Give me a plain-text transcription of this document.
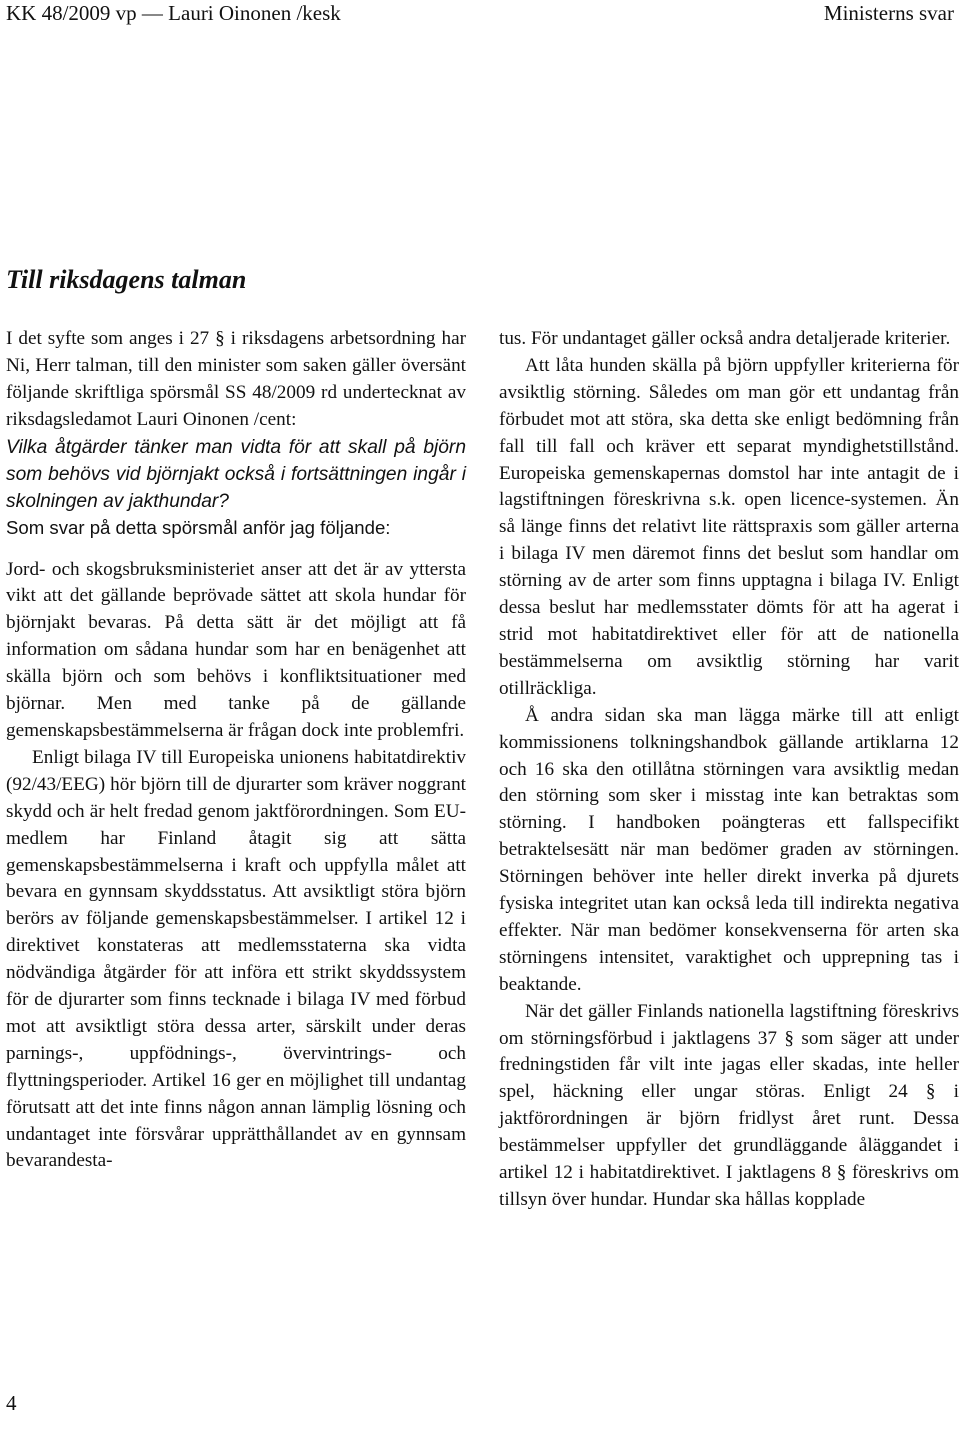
KK 48/2009 vp — Lauri Oinonen /kesk	Ministerns svar
Till riksdagens talman

I det syfte som anges i 27 § i riksdagens arbetsordning har Ni, Herr talman, till den minister som saken gäller översänt följande skriftliga spörsmål SS 48/2009 rd undertecknat av riksdagsledamot Lauri Oinonen /cent:

Vilka åtgärder tänker man vidta för att skall på björn som behövs vid björnjakt också i fortsättningen ingår i skolningen av jakthundar?

Som svar på detta spörsmål anför jag följande:

Jord- och skogsbruksministeriet anser att det är av yttersta vikt att det gällande beprövade sättet att skola hundar för björnjakt bevaras. På detta sätt är det möjligt att få information om sådana hundar som har en benägenhet att skälla björn och som behövs i konfliktsituationer med björnar. Men med tanke på de gällande gemenskapsbestämmelserna är frågan dock inte problemfri.

Enligt bilaga IV till Europeiska unionens habitatdirektiv (92/43/EEG) hör björn till de djurarter som kräver noggrant skydd och är helt fredad genom jaktförordningen. Som EU-medlem har Finland åtagit sig att sätta gemenskapsbestämmelserna i kraft och uppfylla målet att bevara en gynnsam skyddsstatus. Att avsiktligt störa björn berörs av följande gemenskapsbestämmelser. I artikel 12 i direktivet konstateras att medlemsstaterna ska vidta nödvändiga åtgärder för att införa ett strikt skyddssystem för de djurarter som finns tecknade i bilaga IV med förbud mot att avsiktligt störa dessa arter, särskilt under deras parnings-, uppfödnings-, övervintrings- och flyttningsperioder. Artikel 16 ger en möjlighet till undantag förutsatt att det inte finns någon annan lämplig lösning och undantaget inte försvårar upprätthållandet av en gynnsam bevarandesta-

tus. För undantaget gäller också andra detaljerade kriterier.

Att låta hunden skälla på björn uppfyller kriterierna för avsiktlig störning. Således om man gör ett undantag från förbudet mot att störa, ska detta ske enligt bedömning från fall till fall och kräver ett separat myndighetstillstånd. Europeiska gemenskapernas domstol har inte antagit de i lagstiftningen föreskrivna s.k. open licence-systemen. Än så länge finns det relativt lite rättspraxis som gäller arterna i bilaga IV men däremot finns det beslut som handlar om störning av de arter som finns upptagna i bilaga IV. Enligt dessa beslut har medlemsstater dömts för att ha agerat i strid mot habitatdirektivet eller för att de nationella bestämmelserna om avsiktlig störning har varit otillräckliga.

Å andra sidan ska man lägga märke till att enligt kommissionens tolkningshandbok gällande artiklarna 12 och 16 ska den otillåtna störningen vara avsiktlig medan den störning som sker i misstag inte kan betraktas som störning. I handboken poängteras ett fallspecifikt betraktelsesätt när man bedömer graden av störningen. Störningen behöver inte heller direkt inverka på djurets fysiska integritet utan kan också leda till indirekta negativa effekter. När man bedömer konsekvenserna för arten ska störningens intensitet, varaktighet och upprepning tas i beaktande.

När det gäller Finlands nationella lagstiftning föreskrivs om störningsförbud i jaktlagens 37 § som säger att under fredningstiden får vilt inte jagas eller skadas, inte heller spel, häckning eller ungar störas. Enligt 24 § i jaktförordningen är björn fridlyst året runt. Dessa bestämmelser uppfyller det grundläggande åläggandet i artikel 12 i habitatdirektivet. I jaktlagens 8 § föreskrivs om tillsyn över hundar. Hundar ska hållas kopplade

4
